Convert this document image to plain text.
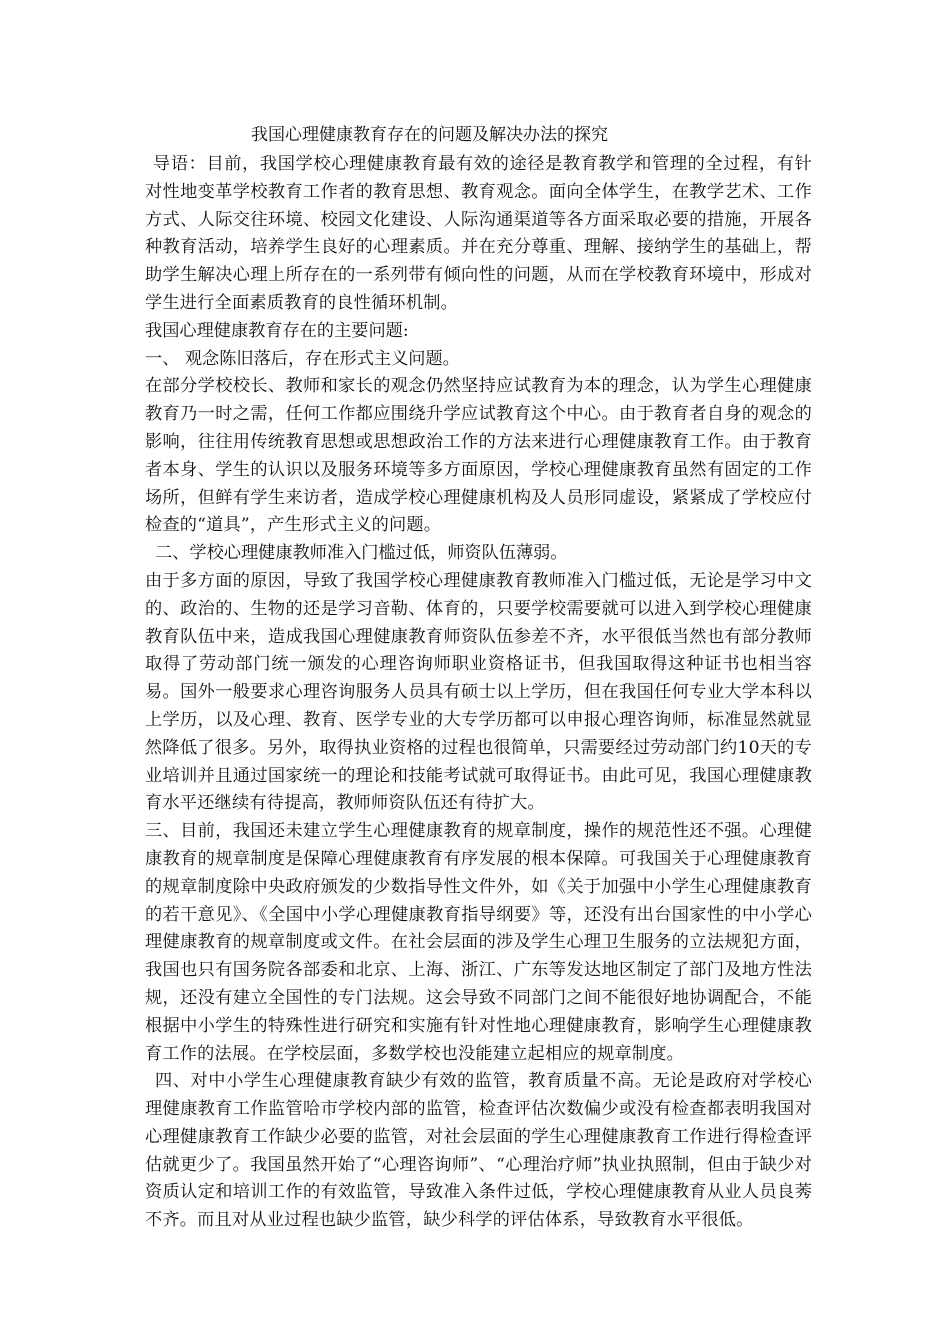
我国心理健康教育存在的问题及解决办法的探究

导语：目前，我国学校心理健康教育最有效的途径是教育教学和管理的全过程，有针对性地变革学校教育工作者的教育思想、教育观念。面向全体学生，在教学艺术、工作方式、人际交往环境、校园文化建设、人际沟通渠道等各方面采取必要的措施，开展各种教育活动，培养学生良好的心理素质。并在充分尊重、理解、接纳学生的基础上，帮助学生解决心理上所存在的一系列带有倾向性的问题，从而在学校教育环境中，形成对学生进行全面素质教育的良性循环机制。

我国心理健康教育存在的主要问题:
一、 观念陈旧落后，存在形式主义问题。

在部分学校校长、教师和家长的观念仍然坚持应试教育为本的理念，认为学生心理健康教育乃一时之需，任何工作都应围绕升学应试教育这个中心。由于教育者自身的观念的影响，往往用传统教育思想或思想政治工作的方法来进行心理健康教育工作。由于教育者本身、学生的认识以及服务环境等多方面原因，学校心理健康教育虽然有固定的工作场所，但鲜有学生来访者，造成学校心理健康机构及人员形同虚设，紧紧成了学校应付检查的“道具”，产生形式主义的问题。

二、学校心理健康教师准入门槛过低，师资队伍薄弱。

由于多方面的原因，导致了我国学校心理健康教育教师准入门槛过低，无论是学习中文的、政治的、生物的还是学习音勒、体育的，只要学校需要就可以进入到学校心理健康教育队伍中来，造成我国心理健康教育师资队伍参差不齐，水平很低当然也有部分教师取得了劳动部门统一颁发的心理咨询师职业资格证书，但我国取得这种证书也相当容易。国外一般要求心理咨询服务人员具有硕士以上学历，但在我国任何专业大学本科以上学历，以及心理、教育、医学专业的大专学历都可以申报心理咨询师，标准显然就显然降低了很多。另外，取得执业资格的过程也很简单，只需要经过劳动部门约10天的专业培训并且通过国家统一的理论和技能考试就可取得证书。由此可见，我国心理健康教育水平还继续有待提高，教师师资队伍还有待扩大。

三、目前，我国还未建立学生心理健康教育的规章制度，操作的规范性还不强。心理健康教育的规章制度是保障心理健康教育有序发展的根本保障。可我国关于心理健康教育的规章制度除中央政府颁发的少数指导性文件外，如《关于加强中小学生心理健康教育的若干意见》、《全国中小学心理健康教育指导纲要》等，还没有出台国家性的中小学心理健康教育的规章制度或文件。在社会层面的涉及学生心理卫生服务的立法规犯方面，我国也只有国务院各部委和北京、上海、浙江、广东等发达地区制定了部门及地方性法规，还没有建立全国性的专门法规。这会导致不同部门之间不能很好地协调配合，不能根据中小学生的特殊性进行研究和实施有针对性地心理健康教育，影响学生心理健康教育工作的法展。在学校层面，多数学校也没能建立起相应的规章制度。

四、对中小学生心理健康教育缺少有效的监管，教育质量不高。无论是政府对学校心理健康教育工作监管哈市学校内部的监管，检查评估次数偏少或没有检查都表明我国对心理健康教育工作缺少必要的监管，对社会层面的学生心理健康教育工作进行得检查评估就更少了。我国虽然开始了“心理咨询师”、“心理治疗师”执业执照制，但由于缺少对资质认定和培训工作的有效监管，导致准入条件过低，学校心理健康教育从业人员良莠不齐。而且对从业过程也缺少监管，缺少科学的评估体系，导致教育水平很低。
